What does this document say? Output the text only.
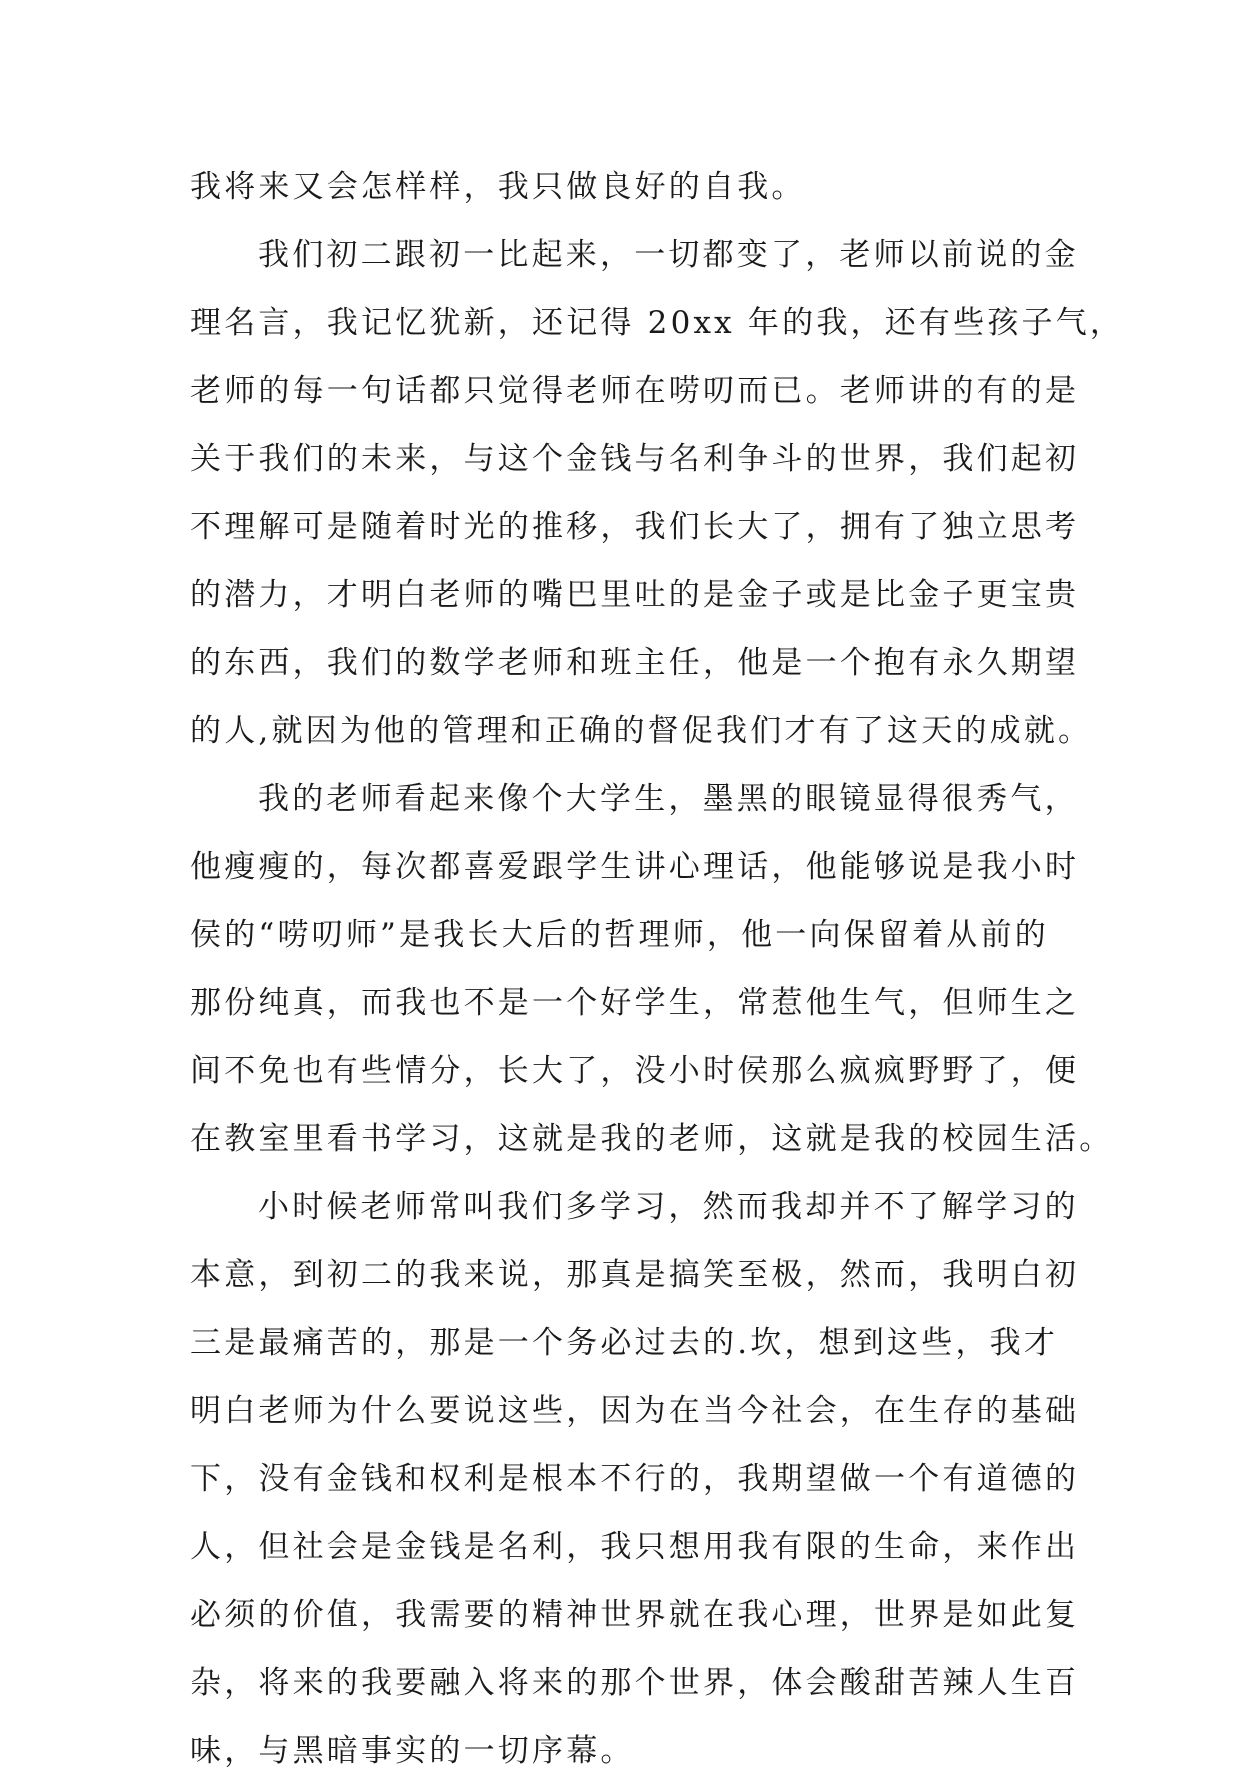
我将来又会怎样样，我只做良好的自我。
我们初二跟初一比起来，一切都变了，老师以前说的金
理名言，我记忆犹新，还记得 20xx 年的我，还有些孩子气，
老师的每一句话都只觉得老师在唠叨而已。老师讲的有的是
关于我们的未来，与这个金钱与名利争斗的世界，我们起初
不理解可是随着时光的推移，我们长大了，拥有了独立思考
的潜力，才明白老师的嘴巴里吐的是金子或是比金子更宝贵
的东西，我们的数学老师和班主任，他是一个抱有永久期望
的人,就因为他的管理和正确的督促我们才有了这天的成就。
我的老师看起来像个大学生，墨黑的眼镜显得很秀气，
他瘦瘦的，每次都喜爱跟学生讲心理话，他能够说是我小时
侯的“唠叨师”是我长大后的哲理师，他一向保留着从前的
那份纯真，而我也不是一个好学生，常惹他生气，但师生之
间不免也有些情分，长大了，没小时侯那么疯疯野野了，便
在教室里看书学习，这就是我的老师，这就是我的校园生活。
小时候老师常叫我们多学习，然而我却并不了解学习的
本意，到初二的我来说，那真是搞笑至极，然而，我明白初
三是最痛苦的，那是一个务必过去的.坎，想到这些，我才
明白老师为什么要说这些，因为在当今社会，在生存的基础
下，没有金钱和权利是根本不行的，我期望做一个有道德的
人，但社会是金钱是名利，我只想用我有限的生命，来作出
必须的价值，我需要的精神世界就在我心理，世界是如此复
杂，将来的我要融入将来的那个世界，体会酸甜苦辣人生百
味，与黑暗事实的一切序幕。
